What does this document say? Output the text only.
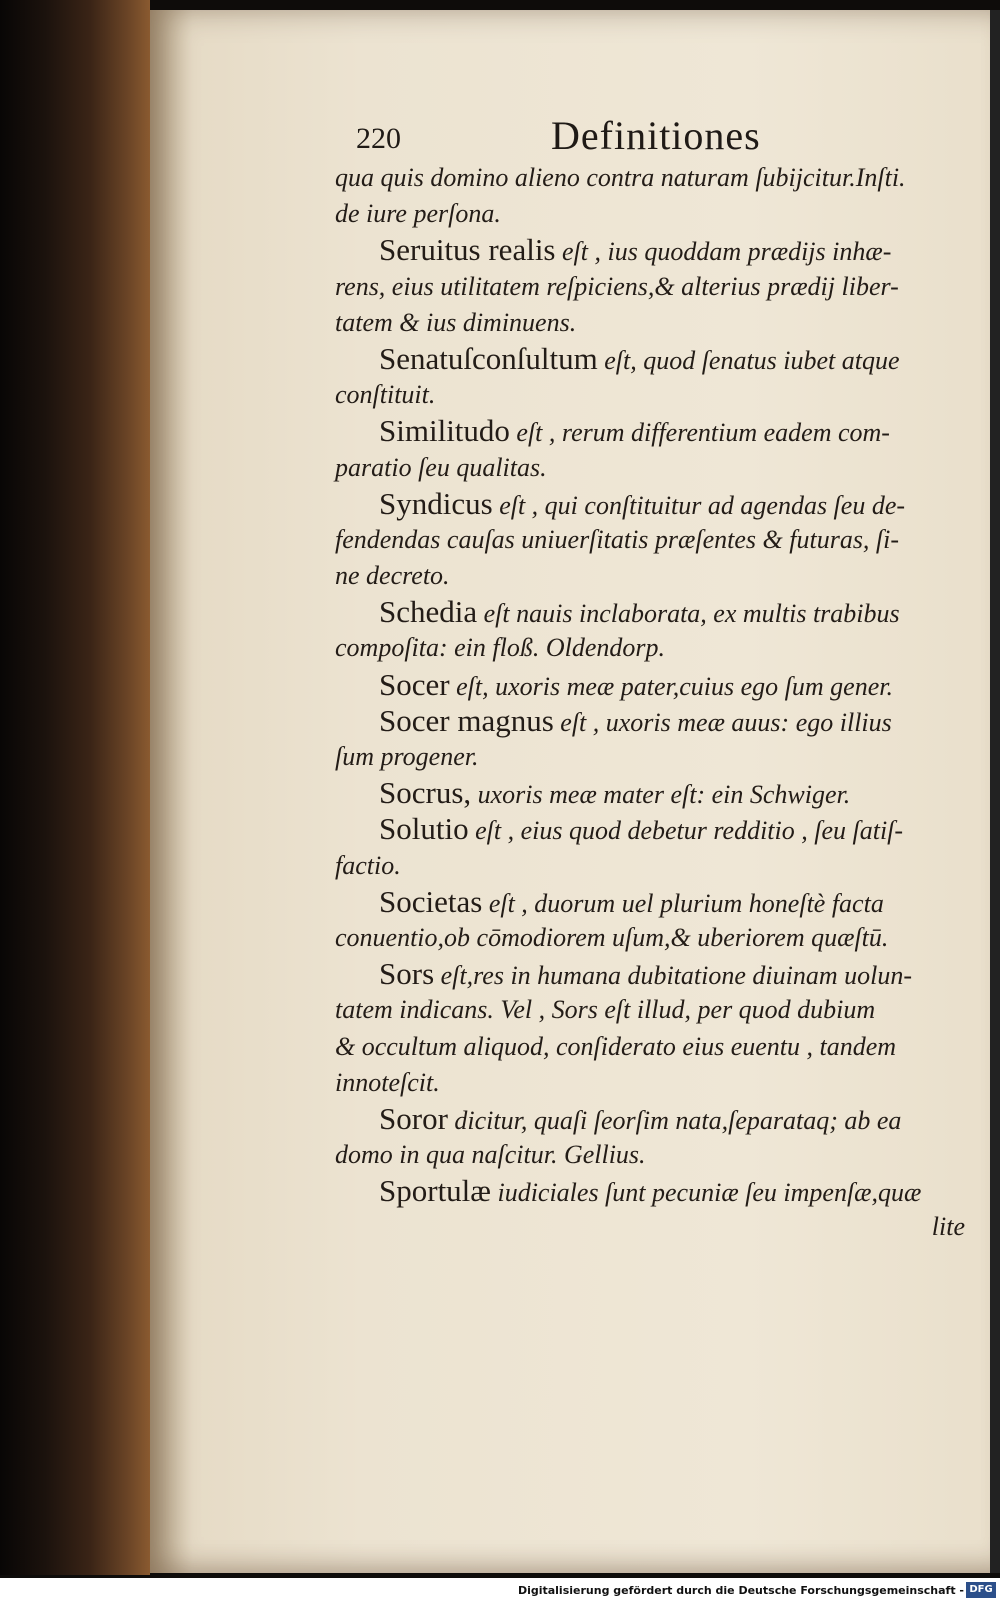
220	Definitiones
qua quis domino alieno contra naturam ſubijcitur.Inſti.
de iure perſona.
Seruitus realis eſt , ius quoddam prædijs inhæ-
rens, eius utilitatem reſpiciens,& alterius prædij liber-
tatem & ius diminuens.
Senatuſconſultum eſt, quod ſenatus iubet atque
conſtituit.
Similitudo eſt , rerum differentium eadem com-
paratio ſeu qualitas.
Syndicus eſt , qui conſtituitur ad agendas ſeu de-
fendendas cauſas uniuerſitatis præſentes & futuras, ſi-
ne decreto.
Schedia eſt nauis inclaborata, ex multis trabibus
compoſita: ein floß. Oldendorp.
Socer eſt, uxoris meæ pater,cuius ego ſum gener.
Socer magnus eſt , uxoris meæ auus: ego illius
ſum progener.
Socrus, uxoris meæ mater eſt: ein Schwiger.
Solutio eſt , eius quod debetur redditio , ſeu ſatiſ-
factio.
Societas eſt , duorum uel plurium honeſtè facta
conuentio,ob cōmodiorem uſum,& uberiorem quæſtū.
Sors eſt,res in humana dubitatione diuinam uolun-
tatem indicans. Vel , Sors eſt illud, per quod dubium
& occultum aliquod, conſiderato eius euentu , tandem
innoteſcit.
Soror dicitur, quaſi ſeorſim nata,ſeparataq; ab ea
domo in qua naſcitur. Gellius.
Sportulæ iudiciales ſunt pecuniæ ſeu impenſæ,quæ
lite
Digitalisierung gefördert durch die Deutsche Forschungsgemeinschaft - DFG
